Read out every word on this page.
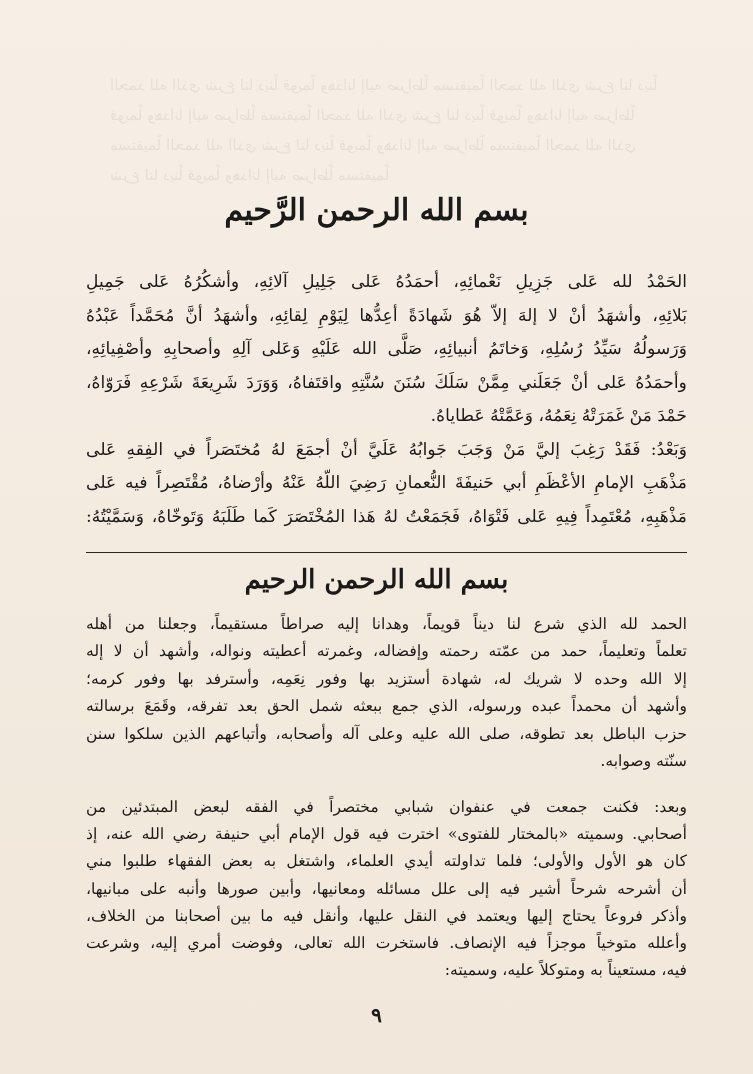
الحمد لله الذي شرع لنا ديناً قويماً وهدانا إليه صراطاً مستقيماً الحمد لله الذي شرع لنا ديناً قويماً وهدانا إليه صراطاً مستقيماً الحمد لله الذي شرع لنا ديناً قويماً وهدانا إليه صراطاً مستقيماً الحمد لله الذي شرع لنا ديناً قويماً وهدانا إليه صراطاً مستقيماً الحمد لله الذي شرع لنا ديناً قويماً وهدانا إليه صراطاً مستقيماً
بسم الله الرحمن الرَّحيم

الحَمْدُ لله عَلى جَزِيلِ نَعْمائِهِ، أحمَدُهُ عَلى جَلِيلِ آلائِهِ، وأشكُرُهُ عَلى جَمِيلِ
بَلائِهِ، وأشهَدُ أنْ لا إلهَ إلاّ هُوَ شَهادَةً أعِدُّها لِيَوْمِ لِقائِهِ، وأشهَدُ أنَّ مُحَمَّداً عَبْدُهُ
وَرَسولُهُ سَيِّدُ رُسُلِهِ، وَخاتَمُ أنبيائِهِ، صَلَّى الله عَلَيْهِ وَعَلى آلِهِ وأصحابِهِ وأصْفِيائِهِ،
وأحمَدُهُ عَلى أنْ جَعَلَني مِمَّنْ سَلَكَ سُنَنَ سُنَّتِهِ واقتَفاهُ، وَوَرَدَ شَرِيعَةَ شَرْعِهِ فَرَوّاهُ،
حَمْدَ مَنْ غَمَرَتْهُ نِعَمُهُ، وَعَمَّتْهُ عَطاياهُ.
وَبَعْدُ: فَقَدْ رَغِبَ إليَّ مَنْ وَجَبَ جَوابُهُ عَلَيَّ أنْ أجمَعَ لهُ مُختَصَراً في الفِقهِ عَلى
مَذْهَبِ الإمامِ الأعْظَمِ أبي حَنيفَةَ النُّعمانِ رَضِيَ اللّهُ عَنْهُ وأرْضاهُ، مُقْتَصِراً فيه عَلى
مَذْهَبِهِ، مُعْتَمِداً فِيهِ عَلى فَتْوَاهُ، فَجَمَعْتُ لهُ هَذا المُخْتَصَرَ كَما طَلَبَهُ وَتَوخّاهُ، وَسَمَّيْتُهُ:

بسم الله الرحمن الرحيم

الحمد لله الذي شرع لنا ديناً قويماً، وهدانا إليه صراطاً مستقيماً، وجعلنا من أهله
تعلماً وتعليماً، حمد من عمّته رحمته وإفضاله، وغمرته أعطيته ونواله، وأشهد أن لا إله
إلا الله وحده لا شريك له، شهادة أستزيد بها وفور نِعَمِه، وأسترفد بها وفور كرمه؛
وأشهد أن محمداً عبده ورسوله، الذي جمع ببعثه شمل الحق بعد تفرقه، وقَمَعَ برسالته
حزب الباطل بعد تطوقه، صلى الله عليه وعلى آله وأصحابه، وأتباعهم الذين سلكوا سنن
سنّته وصوابه.

وبعد: فكنت جمعت في عنفوان شبابي مختصراً في الفقه لبعض المبتدئين من
أصحابي. وسميته «بالمختار للفتوى» اخترت فيه قول الإمام أبي حنيفة رضي الله عنه، إذ
كان هو الأول والأولى؛ فلما تداولته أيدي العلماء، واشتغل به بعض الفقهاء طلبوا مني
أن أشرحه شرحاً أشير فيه إلى علل مسائله ومعانيها، وأبين صورها وأنبه على مبانيها،
وأذكر فروعاً يحتاج إليها ويعتمد في النقل عليها، وأنقل فيه ما بين أصحابنا من الخلاف،
وأعلله متوخياً موجزاً فيه الإنصاف. فاستخرت الله تعالى، وفوضت أمري إليه، وشرعت
فيه، مستعيناً به ومتوكلاً عليه، وسميته:

٩
